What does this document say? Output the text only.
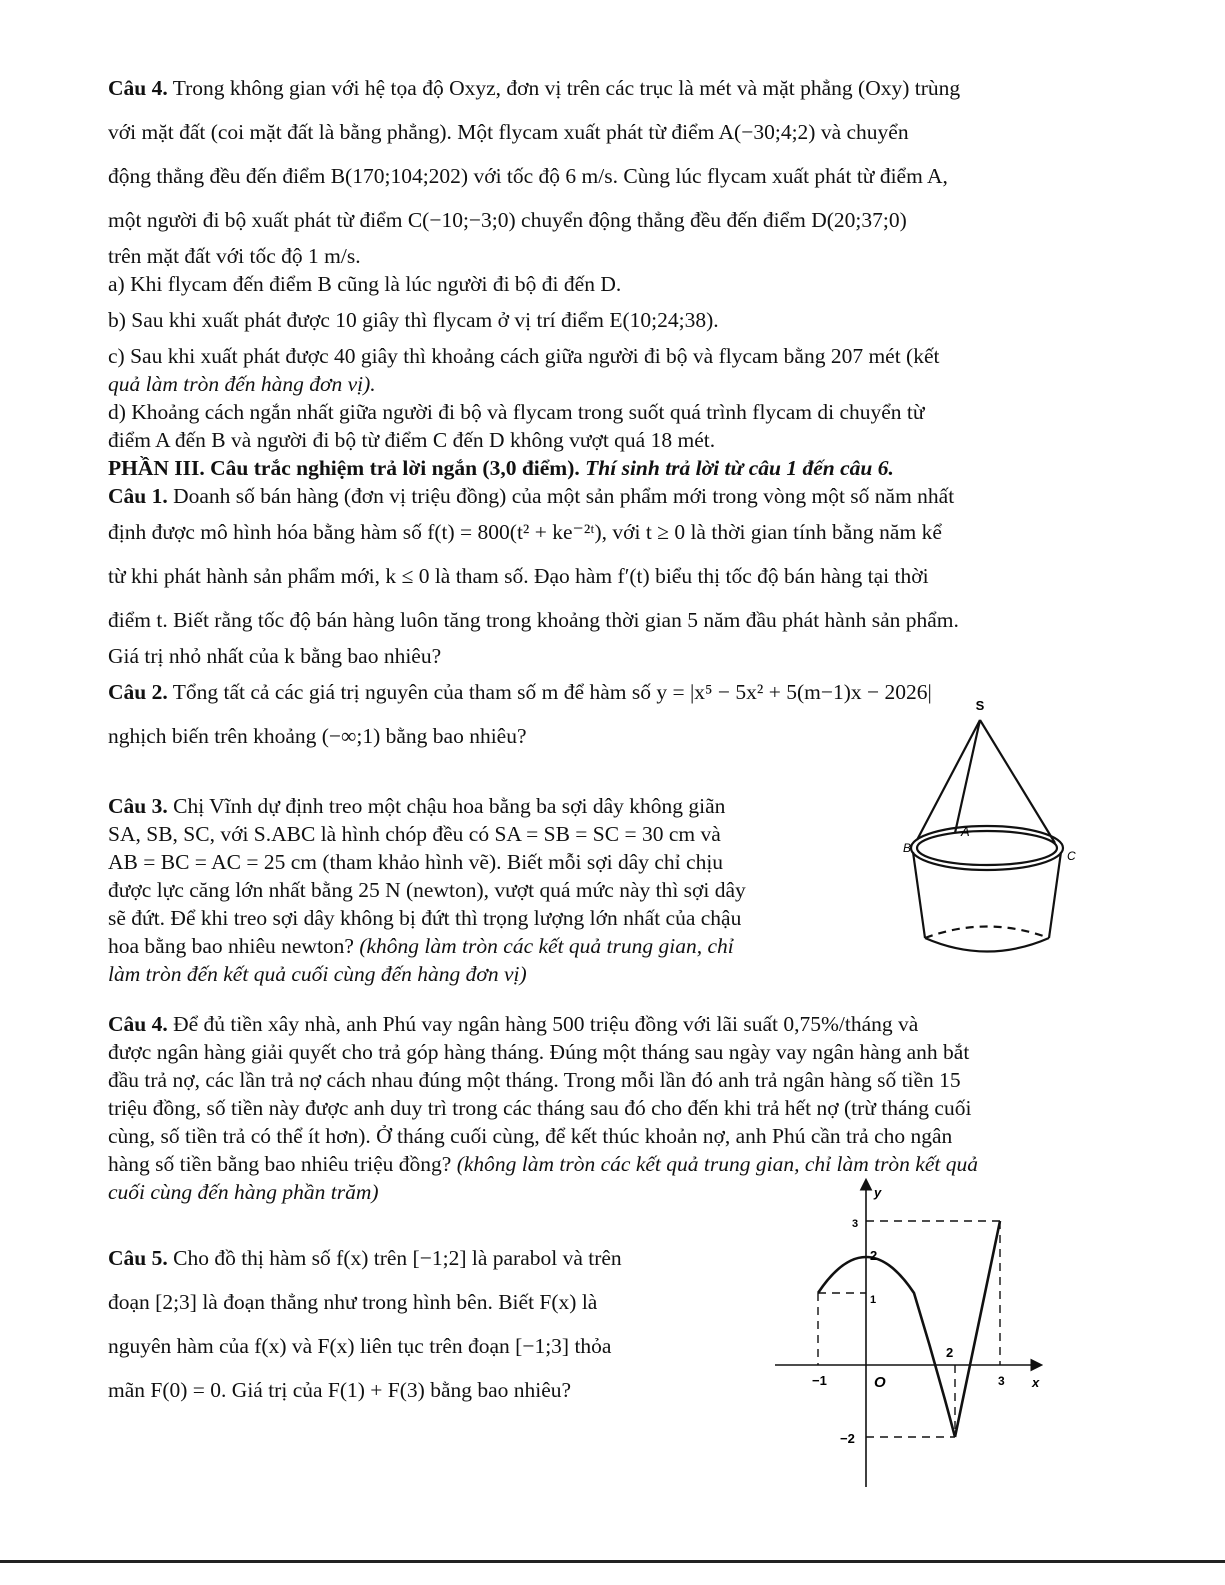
Câu 4. Trong không gian với hệ tọa độ Oxyz, đơn vị trên các trục là mét và mặt phẳng (Oxy) trùng

với mặt đất (coi mặt đất là bằng phẳng). Một flycam xuất phát từ điểm A(−30;4;2) và chuyển

động thẳng đều đến điểm B(170;104;202) với tốc độ 6 m/s. Cùng lúc flycam xuất phát từ điểm A,

một người đi bộ xuất phát từ điểm C(−10;−3;0) chuyển động thẳng đều đến điểm D(20;37;0)

trên mặt đất với tốc độ 1 m/s.

a) Khi flycam đến điểm B cũng là lúc người đi bộ đi đến D.

b) Sau khi xuất phát được 10 giây thì flycam ở vị trí điểm E(10;24;38).

c) Sau khi xuất phát được 40 giây thì khoảng cách giữa người đi bộ và flycam bằng 207 mét (kết

quả làm tròn đến hàng đơn vị).

d) Khoảng cách ngắn nhất giữa người đi bộ và flycam trong suốt quá trình flycam di chuyển từ

điểm A đến B và người đi bộ từ điểm C đến D không vượt quá 18 mét.

PHẦN III. Câu trắc nghiệm trả lời ngắn (3,0 điểm). Thí sinh trả lời từ câu 1 đến câu 6.

Câu 1. Doanh số bán hàng (đơn vị triệu đồng) của một sản phẩm mới trong vòng một số năm nhất

định được mô hình hóa bằng hàm số f(t) = 800(t² + ke⁻²ᵗ), với t ≥ 0 là thời gian tính bằng năm kể

từ khi phát hành sản phẩm mới, k ≤ 0 là tham số. Đạo hàm f′(t) biểu thị tốc độ bán hàng tại thời

điểm t. Biết rằng tốc độ bán hàng luôn tăng trong khoảng thời gian 5 năm đầu phát hành sản phẩm.

Giá trị nhỏ nhất của k bằng bao nhiêu?

Câu 2. Tổng tất cả các giá trị nguyên của tham số m để hàm số y = |x⁵ − 5x² + 5(m−1)x − 2026|

nghịch biến trên khoảng (−∞;1) bằng bao nhiêu?

Câu 3. Chị Vĩnh dự định treo một chậu hoa bằng ba sợi dây không giãn

SA, SB, SC, với S.ABC là hình chóp đều có SA = SB = SC = 30 cm và

AB = BC = AC = 25 cm (tham khảo hình vẽ). Biết mỗi sợi dây chỉ chịu

được lực căng lớn nhất bằng 25 N (newton), vượt quá mức này thì sợi dây

sẽ đứt. Để khi treo sợi dây không bị đứt thì trọng lượng lớn nhất của chậu

hoa bằng bao nhiêu newton? (không làm tròn các kết quả trung gian, chỉ

làm tròn đến kết quả cuối cùng đến hàng đơn vị)

Câu 4. Để đủ tiền xây nhà, anh Phú vay ngân hàng 500 triệu đồng với lãi suất 0,75%/tháng và

được ngân hàng giải quyết cho trả góp hàng tháng. Đúng một tháng sau ngày vay ngân hàng anh bắt

đầu trả nợ, các lần trả nợ cách nhau đúng một tháng. Trong mỗi lần đó anh trả ngân hàng số tiền 15

triệu đồng, số tiền này được anh duy trì trong các tháng sau đó cho đến khi trả hết nợ (trừ tháng cuối

cùng, số tiền trả có thể ít hơn). Ở tháng cuối cùng, để kết thúc khoản nợ, anh Phú cần trả cho ngân

hàng số tiền bằng bao nhiêu triệu đồng? (không làm tròn các kết quả trung gian, chỉ làm tròn kết quả

cuối cùng đến hàng phần trăm)

Câu 5. Cho đồ thị hàm số f(x) trên [−1;2] là parabol và trên

đoạn [2;3] là đoạn thẳng như trong hình bên. Biết F(x) là

nguyên hàm của f(x) và F(x) liên tục trên đoạn [−1;3] thỏa

mãn F(0) = 0. Giá trị của F(1) + F(3) bằng bao nhiêu?

S
A
B
C
y
x
O
−1
2
3
3
2
1
−2
